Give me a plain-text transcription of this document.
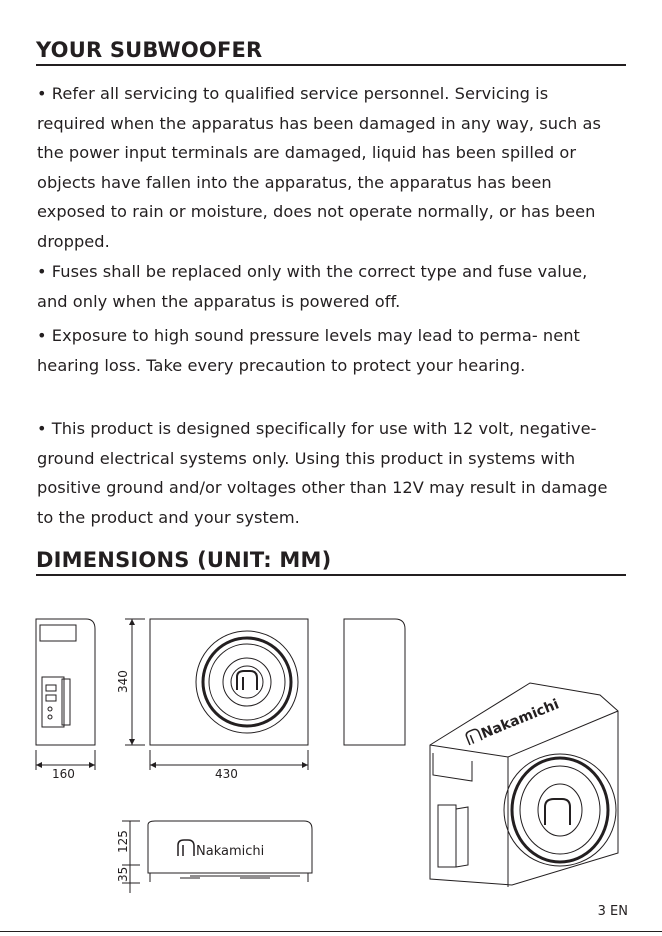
YOUR SUBWOOFER

• Refer all servicing to qualified service personnel. Servicing is required when the apparatus has been damaged in any way, such as the power input terminals are damaged, liquid has been spilled or objects have fallen into the apparatus, the apparatus has been exposed to rain or moisture, does not operate normally, or has been dropped.

• Fuses shall be replaced only with the correct type and fuse value, and only when the apparatus is powered off.

• Exposure to high sound pressure levels may lead to perma- nent hearing loss. Take every precaution to protect your hearing.

• This product is designed specifically for use with 12 volt, negative- ground electrical systems only. Using this product in systems with positive ground and/or voltages other than 12V may result in damage to the product and your system.

DIMENSIONS (UNIT: MM)
Nakamichi
Nakamichi
160	430
340
125
35
3 EN
